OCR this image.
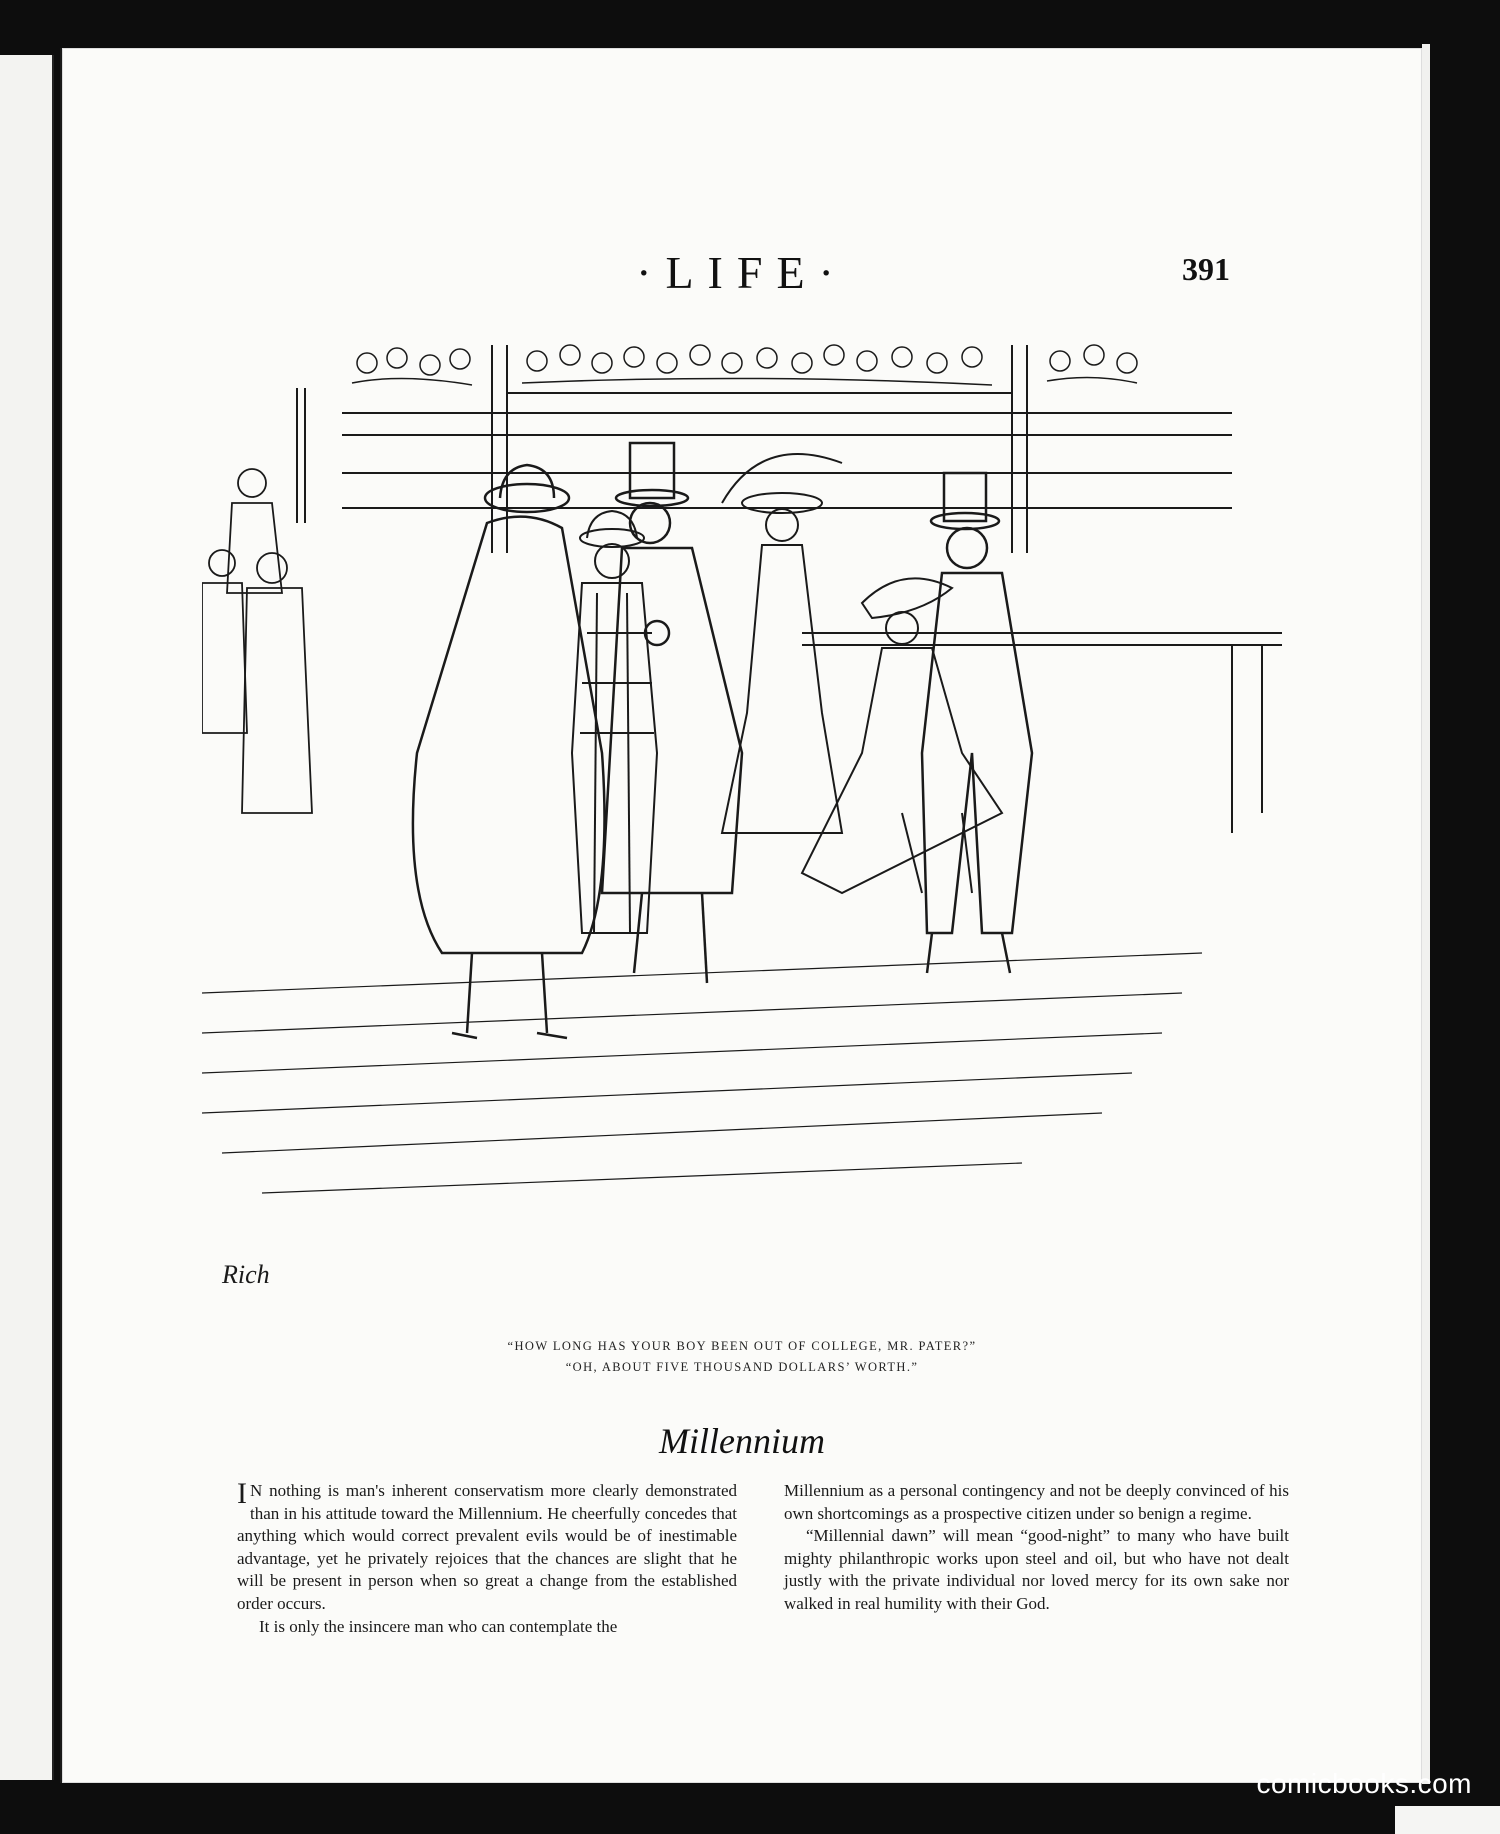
·LIFE·	391
Rich
“HOW LONG HAS YOUR BOY BEEN OUT OF COLLEGE, MR. PATER?”
“OH, ABOUT FIVE THOUSAND DOLLARS’ WORTH.”
Millennium

I N nothing is man's inherent conservatism more clearly demonstrated than in his attitude toward the Millennium. He cheerfully concedes that anything which would correct prevalent evils would be of inestimable advantage, yet he privately rejoices that the chances are slight that he will be present in person when so great a change from the established order occurs.

It is only the insincere man who can contemplate the

Millennium as a personal contingency and not be deeply convinced of his own shortcomings as a prospective citizen under so benign a regime.

“Millennial dawn” will mean “good-night” to many who have built mighty philanthropic works upon steel and oil, but who have not dealt justly with the private individual nor loved mercy for its own sake nor walked in real humility with their God.

comicbooks.com
